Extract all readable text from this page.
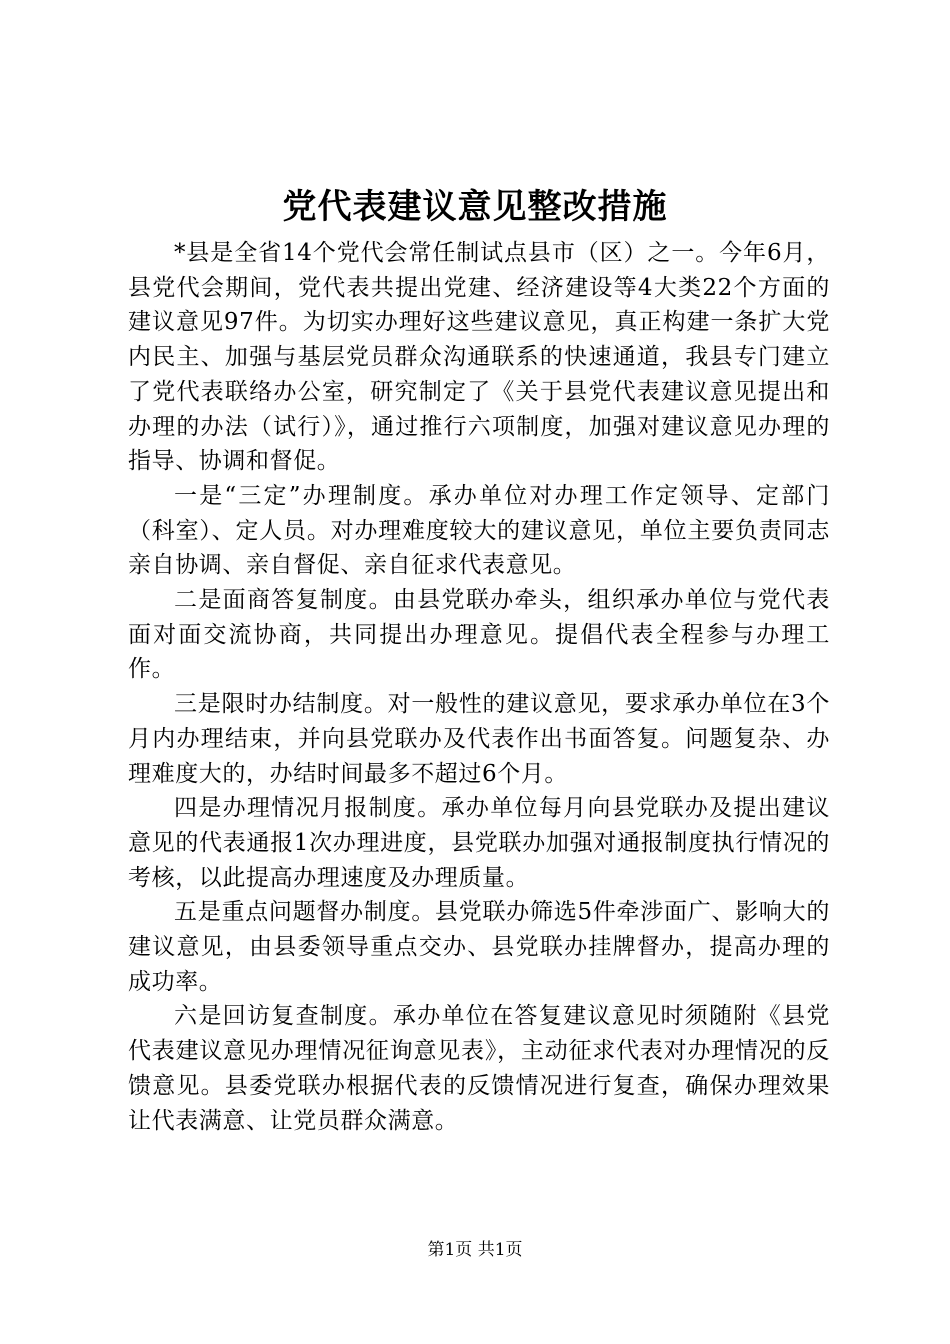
党代表建议意见整改措施

*县是全省14个党代会常任制试点县市（区）之一。今年6月，县党代会期间，党代表共提出党建、经济建设等4大类22个方面的建议意见97件。为切实办理好这些建议意见，真正构建一条扩大党内民主、加强与基层党员群众沟通联系的快速通道，我县专门建立了党代表联络办公室，研究制定了《关于县党代表建议意见提出和办理的办法（试行）》，通过推行六项制度，加强对建议意见办理的指导、协调和督促。

一是“三定”办理制度。承办单位对办理工作定领导、定部门（科室）、定人员。对办理难度较大的建议意见，单位主要负责同志亲自协调、亲自督促、亲自征求代表意见。

二是面商答复制度。由县党联办牵头，组织承办单位与党代表面对面交流协商，共同提出办理意见。提倡代表全程参与办理工作。

三是限时办结制度。对一般性的建议意见，要求承办单位在3个月内办理结束，并向县党联办及代表作出书面答复。问题复杂、办理难度大的，办结时间最多不超过6个月。

四是办理情况月报制度。承办单位每月向县党联办及提出建议意见的代表通报1次办理进度，县党联办加强对通报制度执行情况的考核，以此提高办理速度及办理质量。

五是重点问题督办制度。县党联办筛选5件牵涉面广、影响大的建议意见，由县委领导重点交办、县党联办挂牌督办，提高办理的成功率。

六是回访复查制度。承办单位在答复建议意见时须随附《县党代表建议意见办理情况征询意见表》，主动征求代表对办理情况的反馈意见。县委党联办根据代表的反馈情况进行复查，确保办理效果让代表满意、让党员群众满意。

第1页 共1页
